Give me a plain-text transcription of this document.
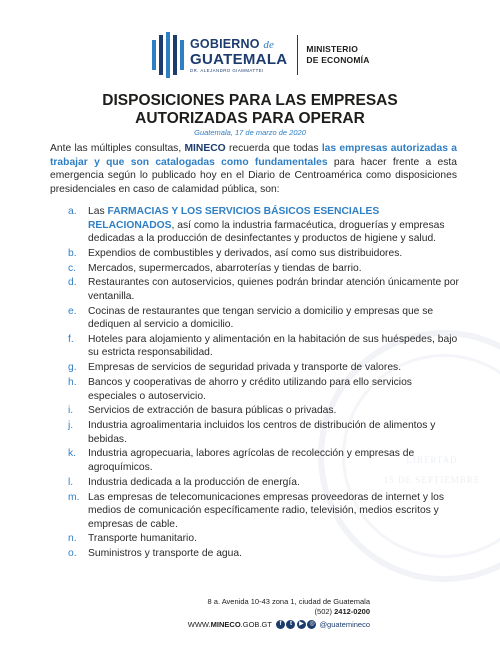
LIBERTAD
15 DE SEPTIEMBRE
GOBIERNO de
GUATEMALA
DR. ALEJANDRO GIAMMATTEI
MINISTERIO
DE ECONOMÍA
DISPOSICIONES PARA LAS EMPRESAS
AUTORIZADAS PARA OPERAR
Guatemala, 17 de marzo de 2020
Ante las múltiples consultas, MINECO recuerda que todas las empresas autorizadas a trabajar y que son catalogadas como fundamentales para hacer frente a esta emergencia según lo publicado hoy en el Diario de Centroamérica como disposiciones presidenciales en caso de calamidad pública, son:
a.	Las FARMACIAS Y LOS SERVICIOS BÁSICOS ESENCIALES RELACIONADOS, así como la industria farmacéutica, droguerías y empresas dedicadas a la producción de desinfectantes y productos de higiene y salud.
b.	Expendios de combustibles y derivados, así como sus distribuidores.
c.	Mercados, supermercados, abarroterías y tiendas de barrio.
d.	Restaurantes con autoservicios, quienes podrán brindar atención únicamente por ventanilla.
e.	Cocinas de restaurantes que tengan servicio a domicilio y empresas que se dediquen al servicio a domicilio.
f.	Hoteles para alojamiento y alimentación en la habitación de sus huéspedes, bajo su estricta responsabilidad.
g.	Empresas de servicios de seguridad privada y transporte de valores.
h.	Bancos y cooperativas de ahorro y crédito utilizando para ello servicios especiales o autoservicio.
i.	Servicios de extracción de basura públicas o privadas.
j.	Industria agroalimentaria incluidos los centros de distribución de alimentos y bebidas.
k.	Industria agropecuaria, labores agrícolas de recolección y empresas de agroquímicos.
l.	Industria dedicada a la producción de energía.
m. Las empresas de telecomunicaciones empresas proveedoras de internet y los medios de comunicación específicamente radio, televisión, medios escritos y empresas de cable.
n.	Transporte humanitario.
o.	Suministros y transporte de agua.
8 a. Avenida 10-43 zona 1, ciudad de Guatemala
(502) 2412-0200
WWW.MINECO.GOB.GT	f	t	▶ ◎ @guatemineco
